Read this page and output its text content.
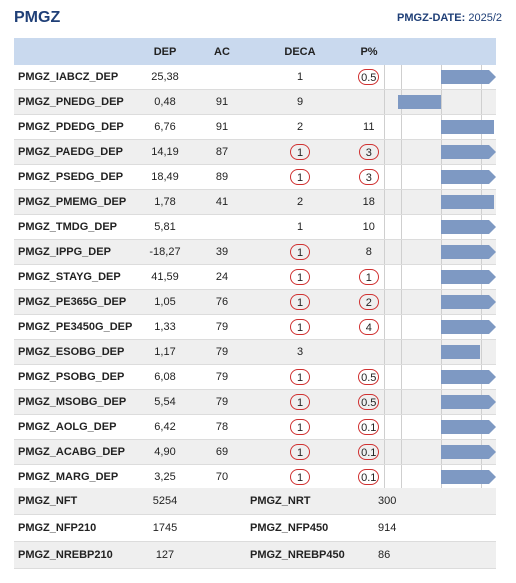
PMGZ	PMGZ-DATE: 2025/2
	DEP	AC	DECA	P%	
PMGZ_IABCZ_DEP	25,38		1	0.5	

PMGZ_PNEDG_DEP	0,48	91	9		

PMGZ_PDEDG_DEP	6,76	91	2	11	

PMGZ_PAEDG_DEP	14,19	87	1	3	

PMGZ_PSEDG_DEP	18,49	89	1	3	

PMGZ_PMEMG_DEP	1,78	41	2	18	

PMGZ_TMDG_DEP	5,81		1	10	

PMGZ_IPPG_DEP	-18,27	39	1	8	

PMGZ_STAYG_DEP	41,59	24	1	1	

PMGZ_PE365G_DEP	1,05	76	1	2	

PMGZ_PE3450G_DEP	1,33	79	1	4	

PMGZ_ESOBG_DEP	1,17	79	3		

PMGZ_PSOBG_DEP	6,08	79	1	0.5	

PMGZ_MSOBG_DEP	5,54	79	1	0.5	

PMGZ_AOLG_DEP	6,42	78	1	0.1	

PMGZ_ACABG_DEP	4,90	69	1	0.1	

PMGZ_MARG_DEP	3,25	70	1	0.1	
PMGZ_NFT	5254		PMGZ_NRT	300
PMGZ_NFP210	1745		PMGZ_NFP450	914
PMGZ_NREBP210	127		PMGZ_NREBP450	86
